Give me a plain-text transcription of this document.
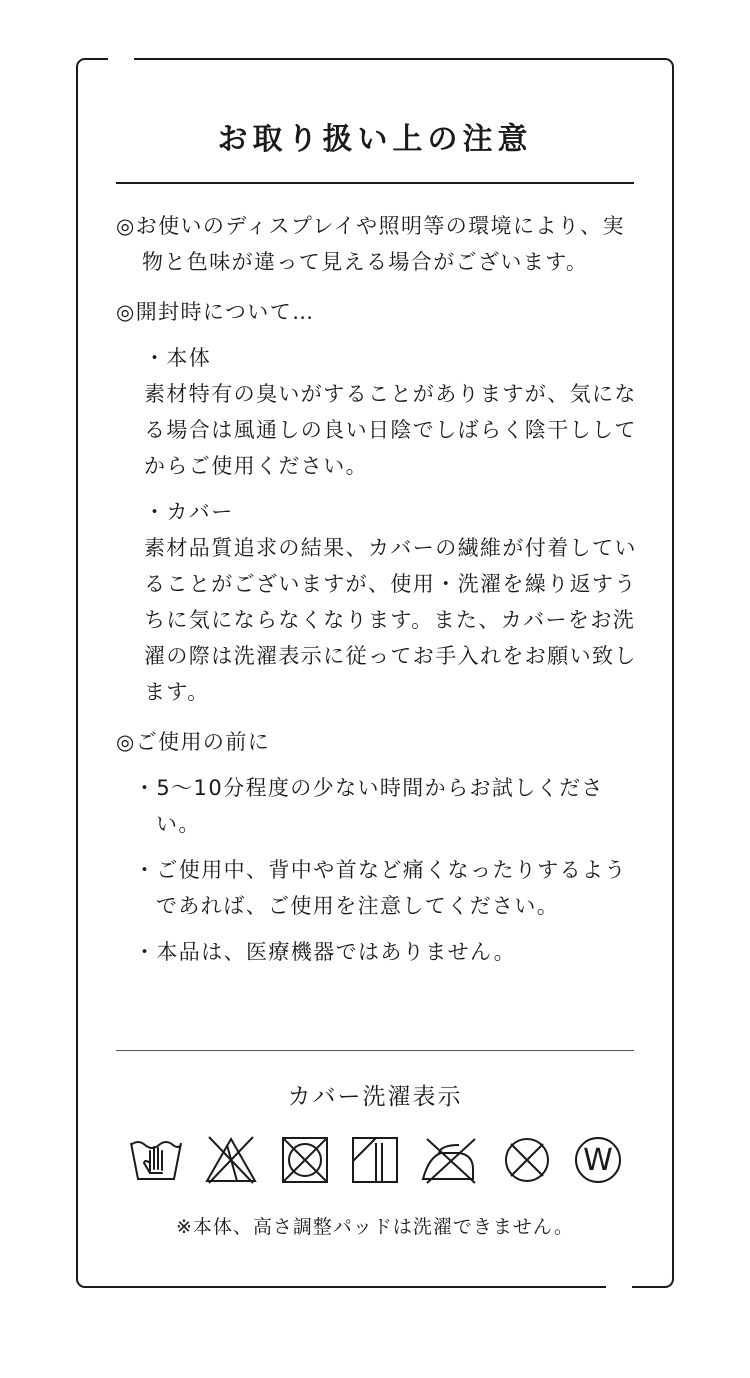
お取り扱い上の注意

◎お使いのディスプレイや照明等の環境により、実物と色味が違って見える場合がございます。

◎開封時について…

・本体

素材特有の臭いがすることがありますが、気になる場合は風通しの良い日陰でしばらく陰干ししてからご使用ください。

・カバー

素材品質追求の結果、カバーの繊維が付着していることがございますが、使用・洗濯を繰り返すうちに気にならなくなります。また、カバーをお洗濯の際は洗濯表示に従ってお手入れをお願い致します。

◎ご使用の前に

・5〜10分程度の少ない時間からお試しください。

・ご使用中、背中や首など痛くなったりするようであれば、ご使用を注意してください。

・本品は、医療機器ではありません。

カバー洗濯表示
W
※本体、高さ調整パッドは洗濯できません。
